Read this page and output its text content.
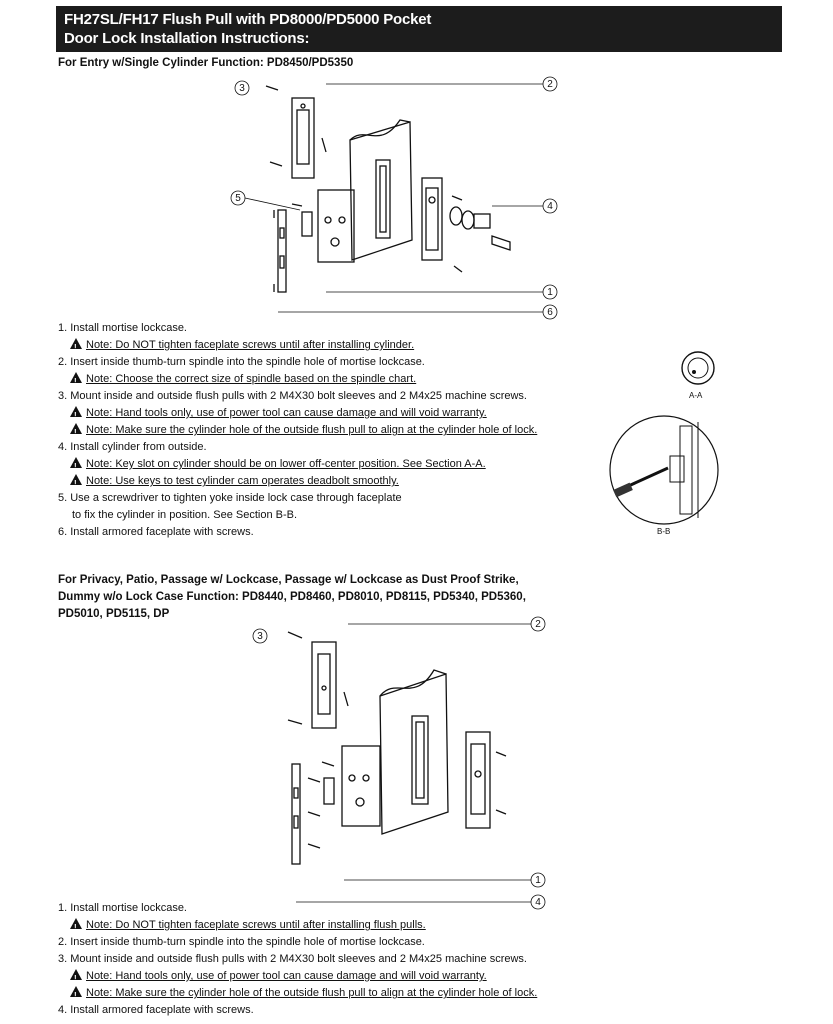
FH27SL/FH17 Flush Pull with PD8000/PD5000 Pocket
Door Lock Installation Instructions:
For Entry w/Single Cylinder Function: PD8450/PD5350
2
3
4
5
1
6
1. Install mortise lockcase.
!Note: Do NOT tighten faceplate screws until after installing cylinder.
2. Insert inside thumb-turn spindle into the spindle hole of mortise lockcase.
!Note: Choose the correct size of spindle based on the spindle chart.
3. Mount inside and outside flush pulls with 2 M4X30 bolt sleeves and 2 M4x25 machine screws.
!Note: Hand tools only, use of power tool can cause damage and will void warranty.
!Note: Make sure the cylinder hole of the outside flush pull to align at the cylinder hole of lock.
4. Install cylinder from outside.
!Note: Key slot on cylinder should be on lower off-center position. See Section A-A.
!Note: Use keys to test cylinder cam operates deadbolt smoothly.
5. Use a screwdriver to tighten yoke inside lock case through faceplate
to fix the cylinder in position. See Section B-B.
6. Install armored faceplate with screws.
A-A
B-B
For Privacy, Patio, Passage w/ Lockcase, Passage w/ Lockcase as Dust Proof Strike,
Dummy w/o Lock Case Function: PD8440, PD8460, PD8010, PD8115, PD5340, PD5360,
PD5010, PD5115, DP
2
3
1
4
1. Install mortise lockcase.
!Note: Do NOT tighten faceplate screws until after installing flush pulls.
2. Insert inside thumb-turn spindle into the spindle hole of mortise lockcase.
3. Mount inside and outside flush pulls with 2 M4X30 bolt sleeves and 2 M4x25 machine screws.
!Note: Hand tools only, use of power tool can cause damage and will void warranty.
!Note: Make sure the cylinder hole of the outside flush pull to align at the cylinder hole of lock.
4. Install armored faceplate with screws.
